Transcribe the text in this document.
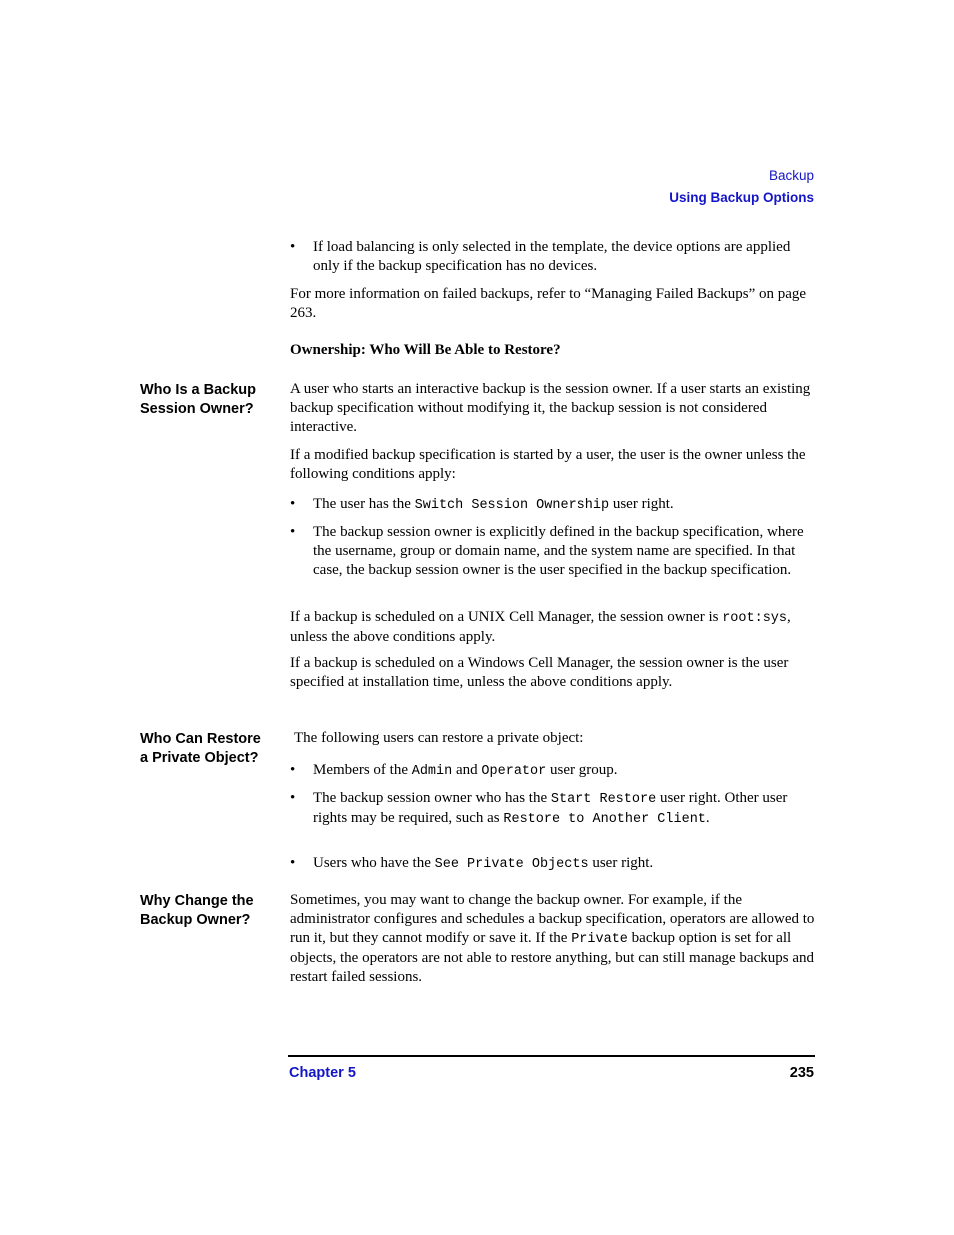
Backup
Using Backup Options

• If load balancing is only selected in the template, the device options are applied only if the backup specification has no devices.

For more information on failed backups, refer to “Managing Failed Backups” on page 263.

Ownership: Who Will Be Able to Restore?

Who Is a Backup
Session Owner?

A user who starts an interactive backup is the session owner. If a user starts an existing backup specification without modifying it, the backup session is not considered interactive.

If a modified backup specification is started by a user, the user is the owner unless the following conditions apply:

• The user has the Switch Session Ownership user right.

• The backup session owner is explicitly defined in the backup specification, where the username, group or domain name, and the system name are specified. In that case, the backup session owner is the user specified in the backup specification.

If a backup is scheduled on a UNIX Cell Manager, the session owner is root:sys, unless the above conditions apply.

If a backup is scheduled on a Windows Cell Manager, the session owner is the user specified at installation time, unless the above conditions apply.

Who Can Restore
a Private Object?

The following users can restore a private object:

• Members of the Admin and Operator user group.

• The backup session owner who has the Start Restore user right. Other user rights may be required, such as Restore to Another Client.

• Users who have the See Private Objects user right.

Why Change the
Backup Owner?

Sometimes, you may want to change the backup owner. For example, if the administrator configures and schedules a backup specification, operators are allowed to run it, but they cannot modify or save it. If the Private backup option is set for all objects, the operators are not able to restore anything, but can still manage backups and restart failed sessions.

Chapter 5	235
